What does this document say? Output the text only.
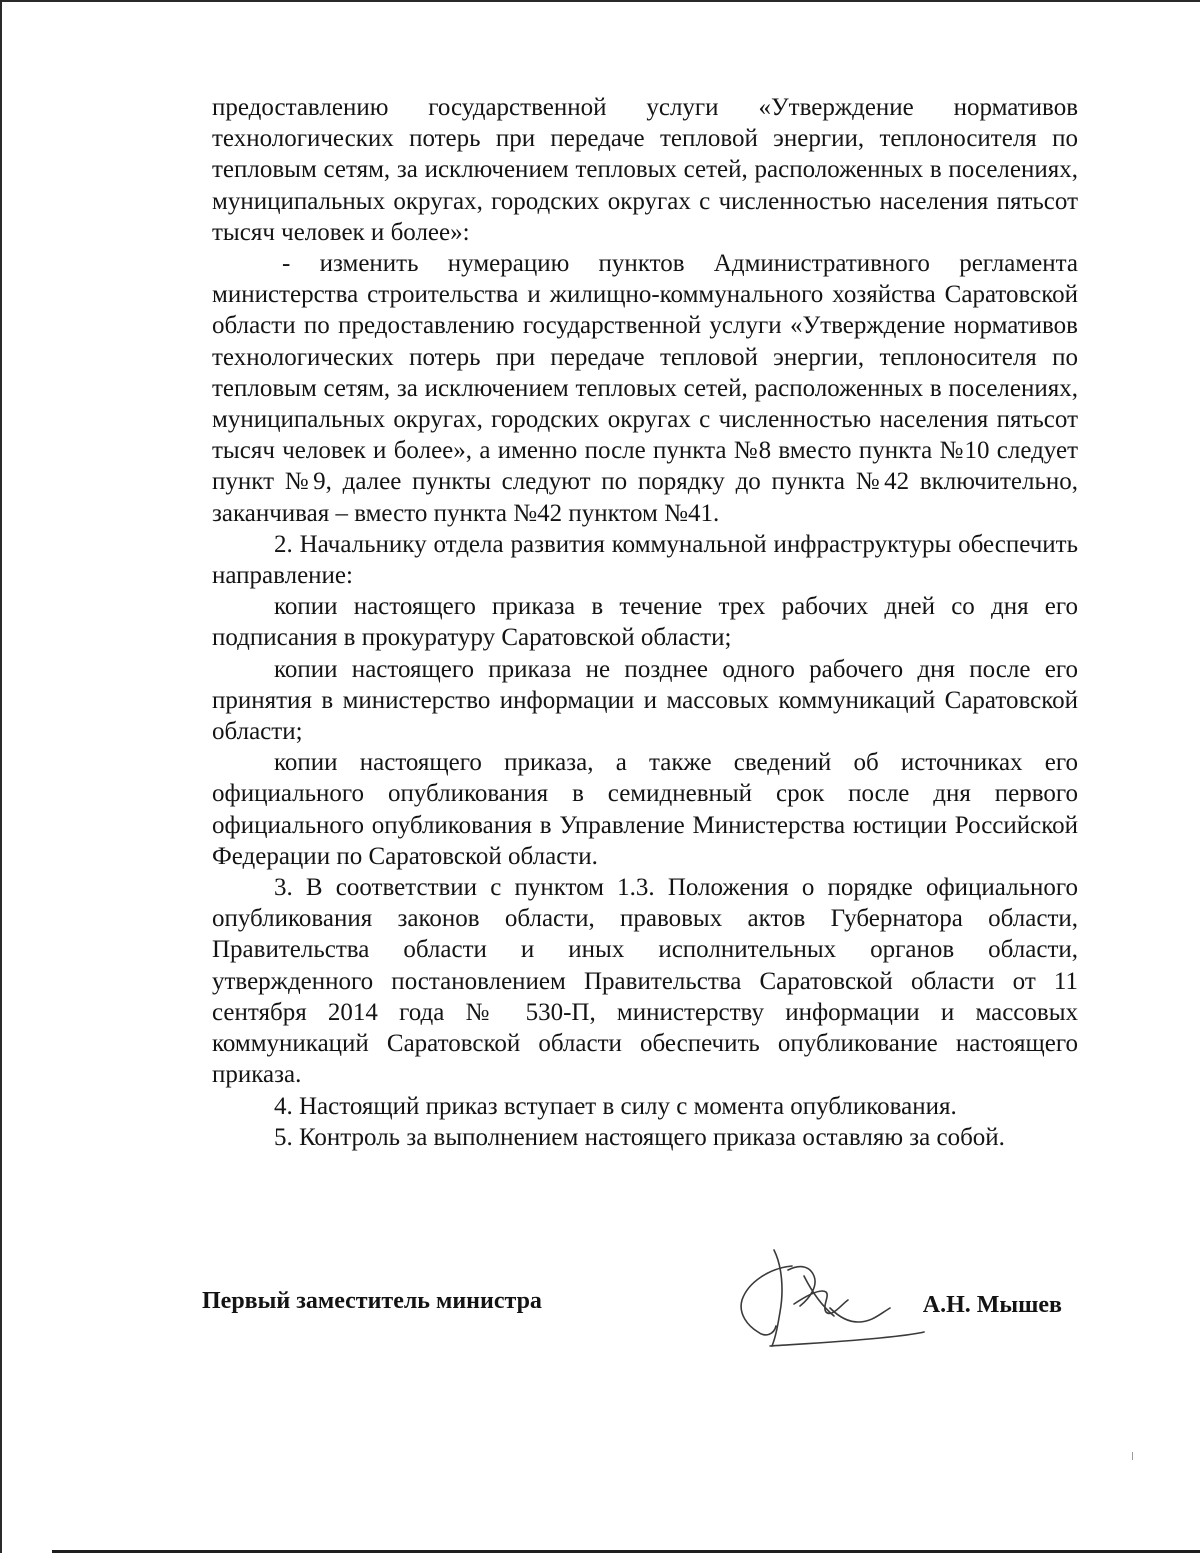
предоставлению государственной услуги «Утверждение нормативов технологических потерь при передаче тепловой энергии, теплоносителя по тепловым сетям, за исключением тепловых сетей, расположенных в поселениях, муниципальных округах, городских округах с численностью населения пятьсот тысяч человек и более»:

- изменить нумерацию пунктов Административного регламента министерства строительства и жилищно-коммунального хозяйства Саратовской области по предоставлению государственной услуги «Утверждение нормативов технологических потерь при передаче тепловой энергии, теплоносителя по тепловым сетям, за исключением тепловых сетей, расположенных в поселениях, муниципальных округах, городских округах с численностью населения пятьсот тысяч человек и более», а именно после пункта №8 вместо пункта №10 следует пункт №9, далее пункты следуют по порядку до пункта №42 включительно, заканчивая – вместо пункта №42 пунктом №41.

2. Начальнику отдела развития коммунальной инфраструктуры обеспечить направление:

копии настоящего приказа в течение трех рабочих дней со дня его подписания в прокуратуру Саратовской области;

копии настоящего приказа не позднее одного рабочего дня после его принятия в министерство информации и массовых коммуникаций Саратовской области;

копии настоящего приказа, а также сведений об источниках его официального опубликования в семидневный срок после дня первого официального опубликования в Управление Министерства юстиции Российской Федерации по Саратовской области.

3. В соответствии с пунктом 1.3. Положения о порядке официального опубликования законов области, правовых актов Губернатора области, Правительства области и иных исполнительных органов области, утвержденного постановлением Правительства Саратовской области от 11 сентября 2014 года № 530-П, министерству информации и массовых коммуникаций Саратовской области обеспечить опубликование настоящего приказа.

4. Настоящий приказ вступает в силу с момента опубликования.

5. Контроль за выполнением настоящего приказа оставляю за собой.

Первый заместитель министра	А.Н. Мышев
